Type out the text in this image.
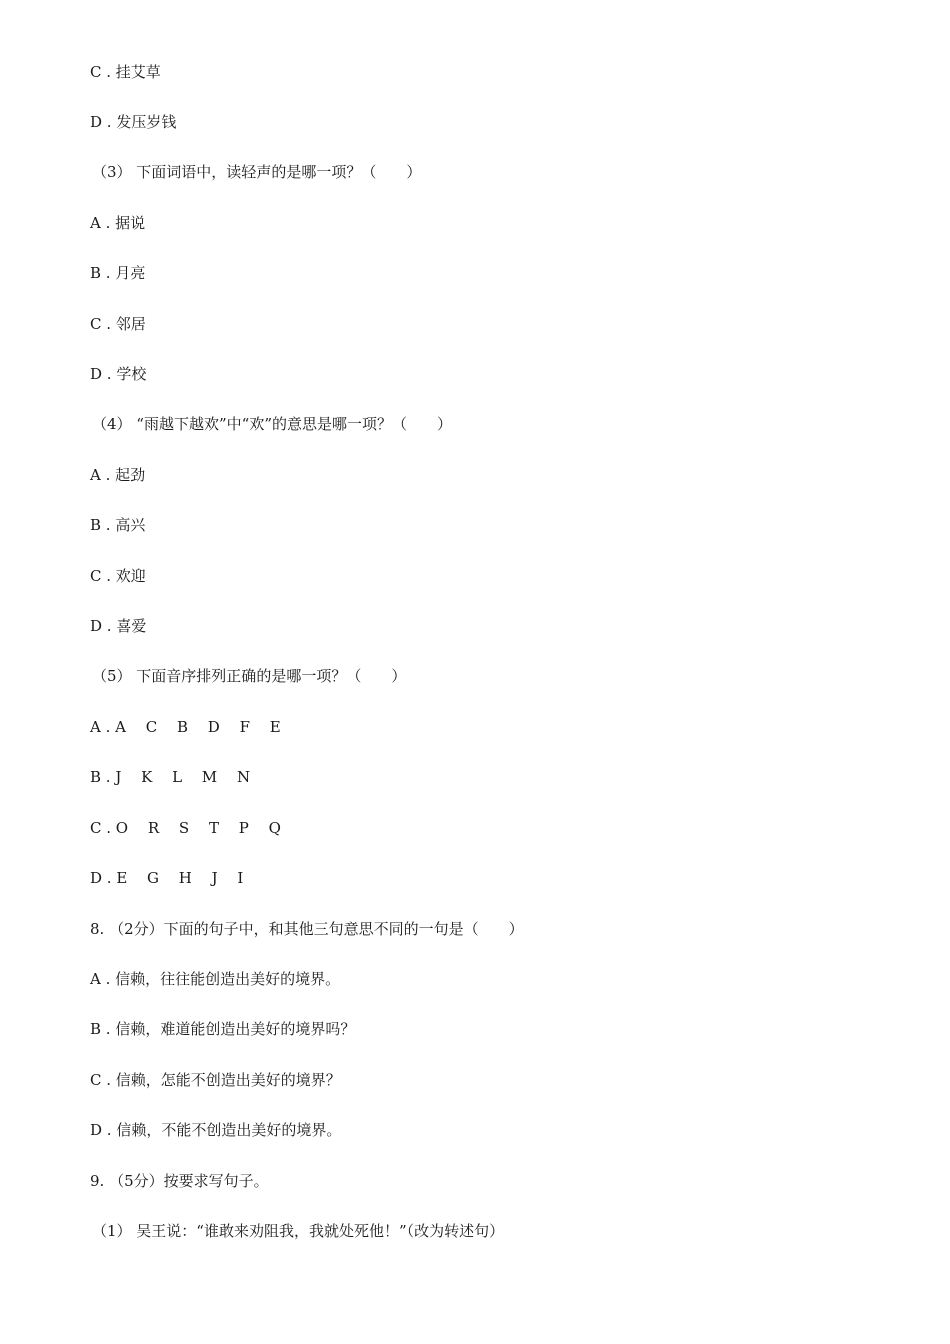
C . 挂艾草
D . 发压岁钱
（3） 下面词语中，读轻声的是哪一项？（　　）
A . 据说
B . 月亮
C . 邻居
D . 学校
（4） “雨越下越欢”中“欢”的意思是哪一项？（　　）
A . 起劲
B . 高兴
C . 欢迎
D . 喜爱
（5） 下面音序排列正确的是哪一项？（　　）
A . A　 C　 B　 D　 F　 E
B . J　 K　 L　 M　 N
C . O　 R　 S　 T　 P　 Q
D . E　 G　 H　 J　 I
8. （2分）下面的句子中，和其他三句意思不同的一句是（　　）
A . 信赖，往往能创造出美好的境界。
B . 信赖，难道能创造出美好的境界吗？
C . 信赖，怎能不创造出美好的境界？
D . 信赖，不能不创造出美好的境界。
9. （5分）按要求写句子。
（1） 吴王说：“谁敢来劝阻我，我就处死他！”（改为转述句）
